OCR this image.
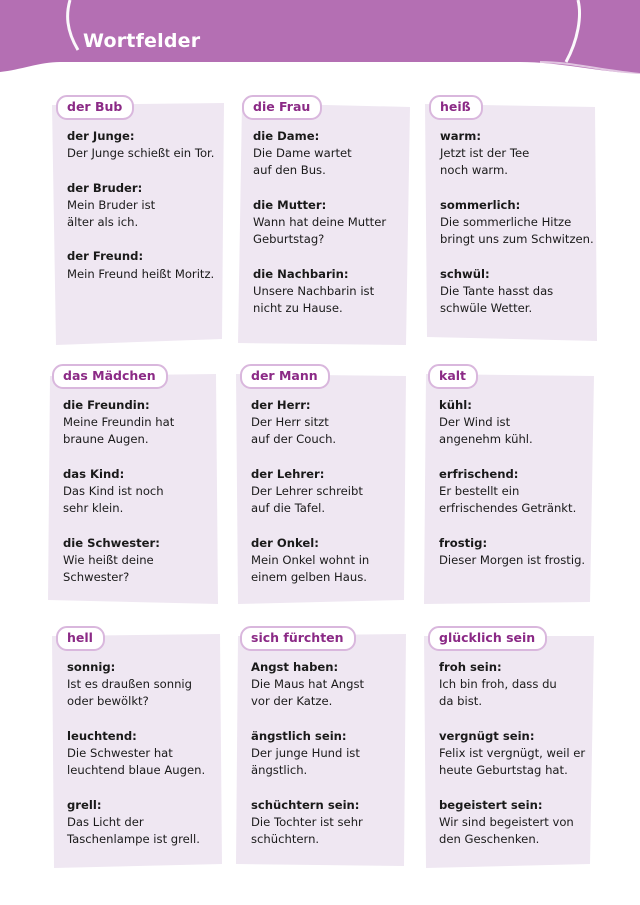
Wortfelder
der Bub
der Junge:
Der Junge schießt ein Tor.
der Bruder:
Mein Bruder ist
älter als ich.
der Freund:
Mein Freund heißt Moritz.
die Frau
die Dame:
Die Dame wartet
auf den Bus.
die Mutter:
Wann hat deine Mutter
Geburtstag?
die Nachbarin:
Unsere Nachbarin ist
nicht zu Hause.
heiß
warm:
Jetzt ist der Tee
noch warm.
sommerlich:
Die sommerliche Hitze
bringt uns zum Schwitzen.
schwül:
Die Tante hasst das
schwüle Wetter.
das Mädchen
die Freundin:
Meine Freundin hat
braune Augen.
das Kind:
Das Kind ist noch
sehr klein.
die Schwester:
Wie heißt deine
Schwester?
der Mann
der Herr:
Der Herr sitzt
auf der Couch.
der Lehrer:
Der Lehrer schreibt
auf die Tafel.
der Onkel:
Mein Onkel wohnt in
einem gelben Haus.
kalt
kühl:
Der Wind ist
angenehm kühl.
erfrischend:
Er bestellt ein
erfrischendes Getränkt.
frostig:
Dieser Morgen ist frostig.
hell
sonnig:
Ist es draußen sonnig
oder bewölkt?
leuchtend:
Die Schwester hat
leuchtend blaue Augen.
grell:
Das Licht der
Taschenlampe ist grell.
sich fürchten
Angst haben:
Die Maus hat Angst
vor der Katze.
ängstlich sein:
Der junge Hund ist
ängstlich.
schüchtern sein:
Die Tochter ist sehr
schüchtern.
glücklich sein
froh sein:
Ich bin froh, dass du
da bist.
vergnügt sein:
Felix ist vergnügt, weil er
heute Geburtstag hat.
begeistert sein:
Wir sind begeistert von
den Geschenken.
